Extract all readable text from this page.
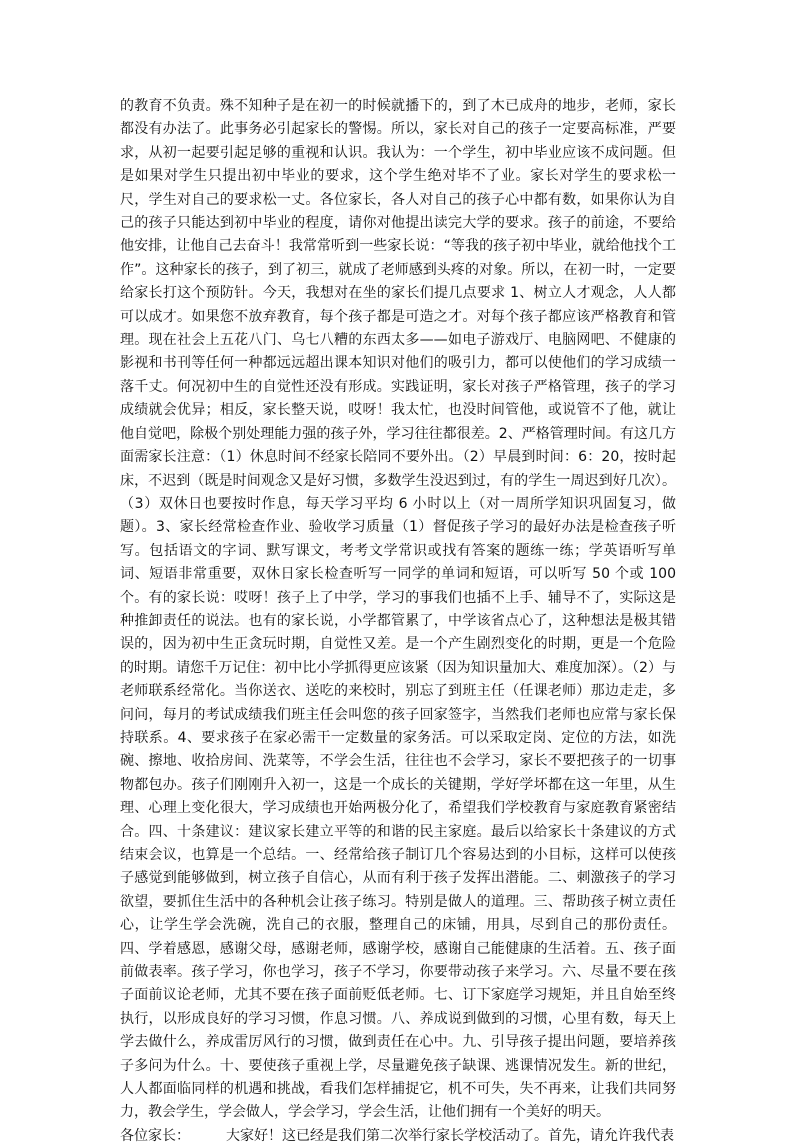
的教育不负责。殊不知种子是在初一的时候就播下的，到了木已成舟的地步，老师，家长都没有办法了。此事务必引起家长的警惕。所以，家长对自己的孩子一定要高标准，严要求，从初一起要引起足够的重视和认识。我认为：一个学生，初中毕业应该不成问题。但是如果对学生只提出初中毕业的要求，这个学生绝对毕不了业。家长对学生的要求松一尺，学生对自己的要求松一丈。各位家长，各人对自己的孩子心中都有数，如果你认为自己的孩子只能达到初中毕业的程度，请你对他提出读完大学的要求。孩子的前途，不要给他安排，让他自己去奋斗！我常常听到一些家长说：“等我的孩子初中毕业，就给他找个工作”。这种家长的孩子，到了初三，就成了老师感到头疼的对象。所以，在初一时，一定要给家长打这个预防针。今天，我想对在坐的家长们提几点要求 1、树立人才观念，人人都可以成才。如果您不放弃教育，每个孩子都是可造之才。对每个孩子都应该严格教育和管理。现在社会上五花八门、乌七八糟的东西太多——如电子游戏厅、电脑网吧、不健康的影视和书刊等任何一种都远远超出课本知识对他们的吸引力，都可以使他们的学习成绩一落千丈。何况初中生的自觉性还没有形成。实践证明，家长对孩子严格管理，孩子的学习成绩就会优异；相反，家长整天说，哎呀！我太忙，也没时间管他，或说管不了他，就让他自觉吧，除极个别处理能力强的孩子外，学习往往都很差。2、严格管理时间。有这几方面需家长注意：（1）休息时间不经家长陪同不要外出。（2）早晨到时间：6：20，按时起床，不迟到（既是时间观念又是好习惯，多数学生没迟到过，有的学生一周迟到好几次）。（3）双休日也要按时作息，每天学习平均 6 小时以上（对一周所学知识巩固复习，做题）。3、家长经常检查作业、验收学习质量（1）督促孩子学习的最好办法是检查孩子听写。包括语文的字词、默写课文，考考文学常识或找有答案的题练一练；学英语听写单词、短语非常重要，双休日家长检查听写一同学的单词和短语，可以听写 50 个或 100 个。有的家长说：哎呀！孩子上了中学，学习的事我们也插不上手、辅导不了，实际这是种推卸责任的说法。也有的家长说，小学都管累了，中学该省点心了，这种想法是极其错误的，因为初中生正贪玩时期，自觉性又差。是一个产生剧烈变化的时期，更是一个危险的时期。请您千万记住：初中比小学抓得更应该紧（因为知识量加大、难度加深）。（2）与老师联系经常化。当你送衣、送吃的来校时，别忘了到班主任（任课老师）那边走走，多问问，每月的考试成绩我们班主任会叫您的孩子回家签字，当然我们老师也应常与家长保持联系。4、要求孩子在家必需干一定数量的家务活。可以采取定岗、定位的方法，如洗碗、擦地、收拾房间、洗菜等，不学会生活，往往也不会学习，家长不要把孩子的一切事物都包办。孩子们刚刚升入初一，这是一个成长的关键期，学好学坏都在这一年里，从生理、心理上变化很大，学习成绩也开始两极分化了，希望我们学校教育与家庭教育紧密结合。四、十条建议：建议家长建立平等的和谐的民主家庭。最后以给家长十条建议的方式结束会议，也算是一个总结。一、经常给孩子制订几个容易达到的小目标，这样可以使孩子感觉到能够做到，树立孩子自信心，从而有利于孩子发挥出潜能。二、刺激孩子的学习欲望，要抓住生活中的各种机会让孩子练习。特别是做人的道理。三、帮助孩子树立责任心，让学生学会洗碗，洗自己的衣服，整理自己的床铺，用具，尽到自己的那份责任。四、学着感恩，感谢父母，感谢老师，感谢学校，感谢自己能健康的生活着。五、孩子面前做表率。孩子学习，你也学习，孩子不学习，你要带动孩子来学习。六、尽量不要在孩子面前议论老师，尤其不要在孩子面前贬低老师。七、订下家庭学习规矩，并且自始至终执行，以形成良好的学习习惯，作息习惯。八、养成说到做到的习惯，心里有数，每天上学去做什么，养成雷厉风行的习惯，做到责任在心中。九、引导孩子提出问题，要培养孩子多问为什么。十、要使孩子重视上学，尽量避免孩子缺课、逃课情况发生。新的世纪，人人都面临同样的机遇和挑战，看我们怎样捕捉它，机不可失，失不再来，让我们共同努力，教会学生，学会做人，学会学习，学会生活，让他们拥有一个美好的明天。

各位家长：	大家好！这已经是我们第二次举行家长学校活动了。首先，请允许我代表
